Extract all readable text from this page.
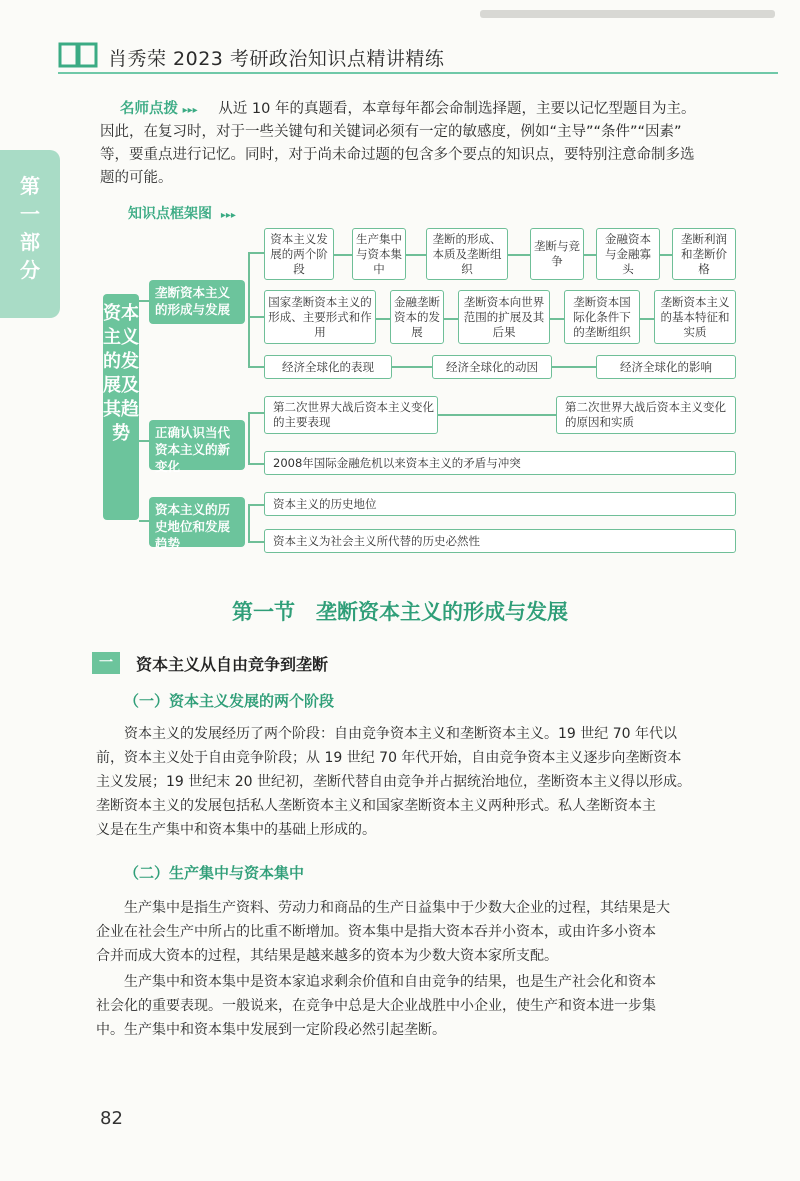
肖秀荣 2023 考研政治知识点精讲精练
第一部分
名师点拨 ▸▸▸ 从近 10 年的真题看，本章每年都会命制选择题，主要以记忆型题目为主。
因此，在复习时，对于一些关键句和关键词必须有一定的敏感度，例如“主导”“条件”“因素”
等，要重点进行记忆。同时，对于尚未命过题的包含多个要点的知识点，要特别注意命制多选
题的可能。
知识点框架图 ▸▸▸
资本主义的发展及其趋势
垄断资本主义的形成与发展
正确认识当代资本主义的新变化
资本主义的历史地位和发展趋势
资本主义发展的两个阶段
生产集中与资本集中
垄断的形成、本质及垄断组织
垄断与竞争
金融资本与金融寡头
垄断利润和垄断价格
国家垄断资本主义的形成、主要形式和作用
金融垄断资本的发展
垄断资本向世界范围的扩展及其后果
垄断资本国际化条件下的垄断组织
垄断资本主义的基本特征和实质
经济全球化的表现	经济全球化的动因	经济全球化的影响
第二次世界大战后资本主义变化的主要表现
第二次世界大战后资本主义变化的原因和实质
2008年国际金融危机以来资本主义的矛盾与冲突
资本主义的历史地位
资本主义为社会主义所代替的历史必然性
第一节　垄断资本主义的形成与发展
一	资本主义从自由竞争到垄断
（一）资本主义发展的两个阶段
资本主义的发展经历了两个阶段：自由竞争资本主义和垄断资本主义。19 世纪 70 年代以
前，资本主义处于自由竞争阶段；从 19 世纪 70 年代开始，自由竞争资本主义逐步向垄断资本
主义发展；19 世纪末 20 世纪初，垄断代替自由竞争并占据统治地位，垄断资本主义得以形成。
垄断资本主义的发展包括私人垄断资本主义和国家垄断资本主义两种形式。私人垄断资本主
义是在生产集中和资本集中的基础上形成的。
（二）生产集中与资本集中
生产集中是指生产资料、劳动力和商品的生产日益集中于少数大企业的过程，其结果是大
企业在社会生产中所占的比重不断增加。资本集中是指大资本吞并小资本，或由许多小资本
合并而成大资本的过程，其结果是越来越多的资本为少数大资本家所支配。
生产集中和资本集中是资本家追求剩余价值和自由竞争的结果，也是生产社会化和资本
社会化的重要表现。一般说来，在竞争中总是大企业战胜中小企业，使生产和资本进一步集
中。生产集中和资本集中发展到一定阶段必然引起垄断。
82
